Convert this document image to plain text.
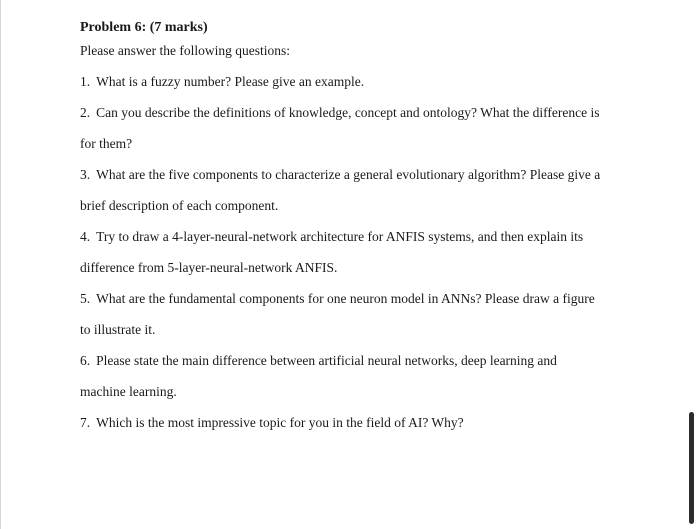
Problem 6: (7 marks)

Please answer the following questions:

1. What is a fuzzy number? Please give an example.

2. Can you describe the definitions of knowledge, concept and ontology? What the difference is

for them?

3. What are the five components to characterize a general evolutionary algorithm? Please give a

brief description of each component.

4. Try to draw a 4-layer-neural-network architecture for ANFIS systems, and then explain its

difference from 5-layer-neural-network ANFIS.

5. What are the fundamental components for one neuron model in ANNs? Please draw a figure

to illustrate it.

6. Please state the main difference between artificial neural networks, deep learning and

machine learning.

7. Which is the most impressive topic for you in the field of AI? Why?
